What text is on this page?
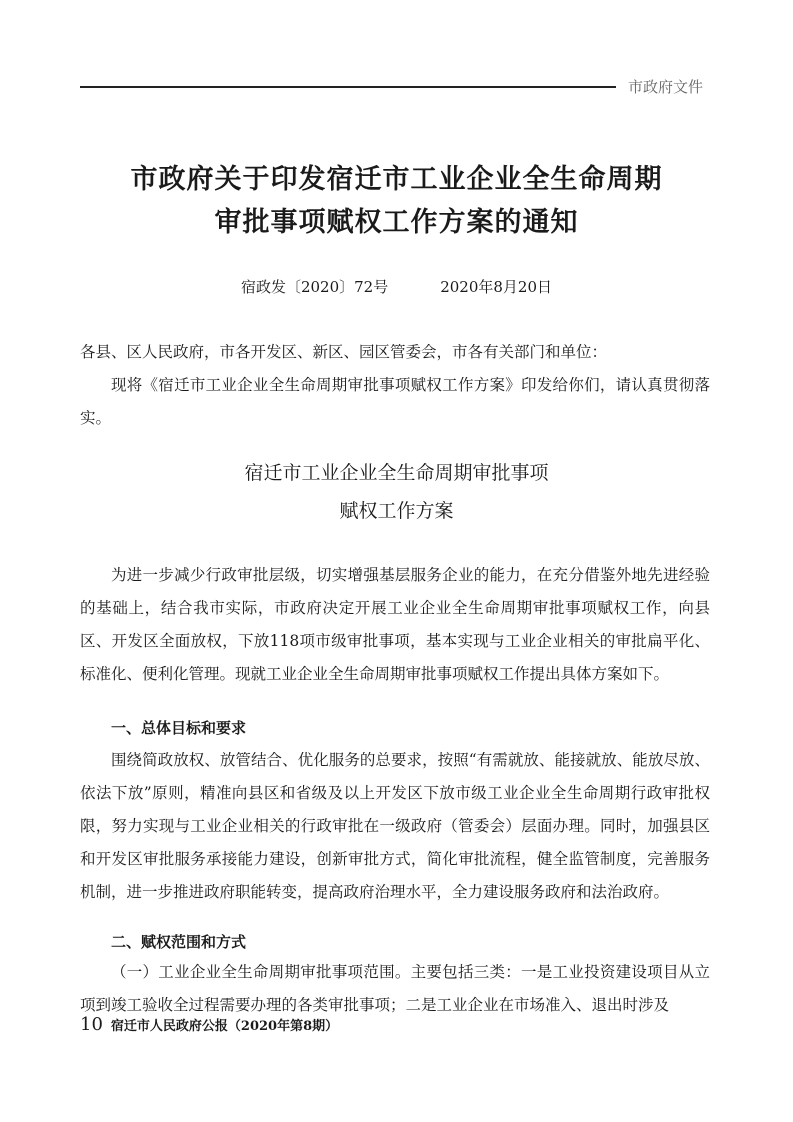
市政府文件
市政府关于印发宿迁市工业企业全生命周期
审批事项赋权工作方案的通知
宿政发〔2020〕72号	2020年8月20日
各县、区人民政府，市各开发区、新区、园区管委会，市各有关部门和单位：
现将《宿迁市工业企业全生命周期审批事项赋权工作方案》印发给你们，请认真贯彻落实。
宿迁市工业企业全生命周期审批事项
赋权工作方案
为进一步减少行政审批层级，切实增强基层服务企业的能力，在充分借鉴外地先进经验的基础上，结合我市实际，市政府决定开展工业企业全生命周期审批事项赋权工作，向县区、开发区全面放权，下放118项市级审批事项，基本实现与工业企业相关的审批扁平化、标准化、便利化管理。现就工业企业全生命周期审批事项赋权工作提出具体方案如下。
一、总体目标和要求
围绕简政放权、放管结合、优化服务的总要求，按照“有需就放、能接就放、能放尽放、依法下放”原则，精准向县区和省级及以上开发区下放市级工业企业全生命周期行政审批权限，努力实现与工业企业相关的行政审批在一级政府（管委会）层面办理。同时，加强县区和开发区审批服务承接能力建设，创新审批方式，简化审批流程，健全监管制度，完善服务机制，进一步推进政府职能转变，提高政府治理水平，全力建设服务政府和法治政府。
二、赋权范围和方式
（一）工业企业全生命周期审批事项范围。主要包括三类：一是工业投资建设项目从立项到竣工验收全过程需要办理的各类审批事项；二是工业企业在市场准入、退出时涉及
10 宿迁市人民政府公报（2020年第8期）
